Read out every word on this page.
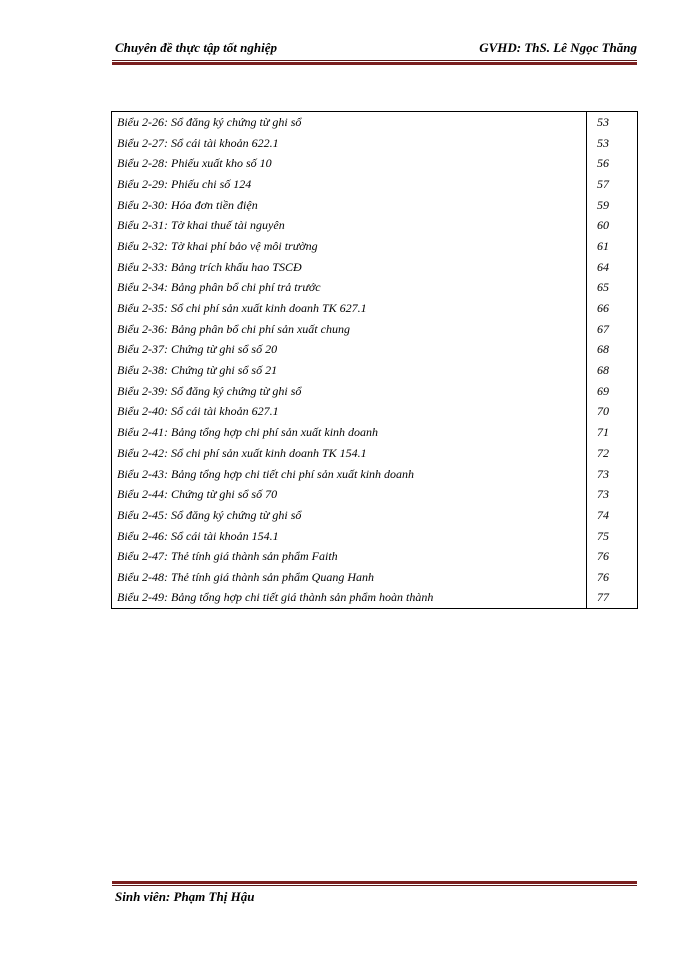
Chuyên đề thực tập tốt nghiệp	GVHD: ThS. Lê Ngọc Thăng
Biểu 2-26: Sổ đăng ký chứng từ ghi sổ	53
Biểu 2-27: Sổ cái tài khoản 622.1	53
Biểu 2-28: Phiếu xuất kho số 10	56
Biểu 2-29: Phiếu chi số 124	57
Biểu 2-30: Hóa đơn tiền điện	59
Biểu 2-31: Tờ khai thuế tài nguyên	60
Biểu 2-32: Tờ khai phí bảo vệ môi trường	61
Biểu 2-33: Bảng trích khấu hao TSCĐ	64
Biểu 2-34: Bảng phân bổ chi phí trả trước	65
Biểu 2-35: Sổ chi phí sản xuất kinh doanh TK 627.1	66
Biểu 2-36: Bảng phân bổ chi phí sản xuất chung	67
Biểu 2-37: Chứng từ ghi sổ số 20	68
Biểu 2-38: Chứng từ ghi sổ số 21	68
Biểu 2-39: Sổ đăng ký chứng từ ghi sổ	69
Biểu 2-40: Sổ cái tài khoản 627.1	70
Biểu 2-41: Bảng tổng hợp chi phí sản xuất kinh doanh	71
Biểu 2-42: Sổ chi phí sản xuất kinh doanh TK 154.1	72
Biểu 2-43: Bảng tổng hợp chi tiết chi phí sản xuất kinh doanh	73
Biểu 2-44: Chứng từ ghi sổ số 70	73
Biểu 2-45: Sổ đăng ký chứng từ ghi sổ	74
Biểu 2-46: Sổ cái tài khoản 154.1	75
Biểu 2-47: Thẻ tính giá thành sản phẩm Faith	76
Biểu 2-48: Thẻ tính giá thành sản phẩm Quang Hanh	76
Biểu 2-49: Bảng tổng hợp chi tiết giá thành sản phẩm hoàn thành	77
Sinh viên: Phạm Thị Hậu
